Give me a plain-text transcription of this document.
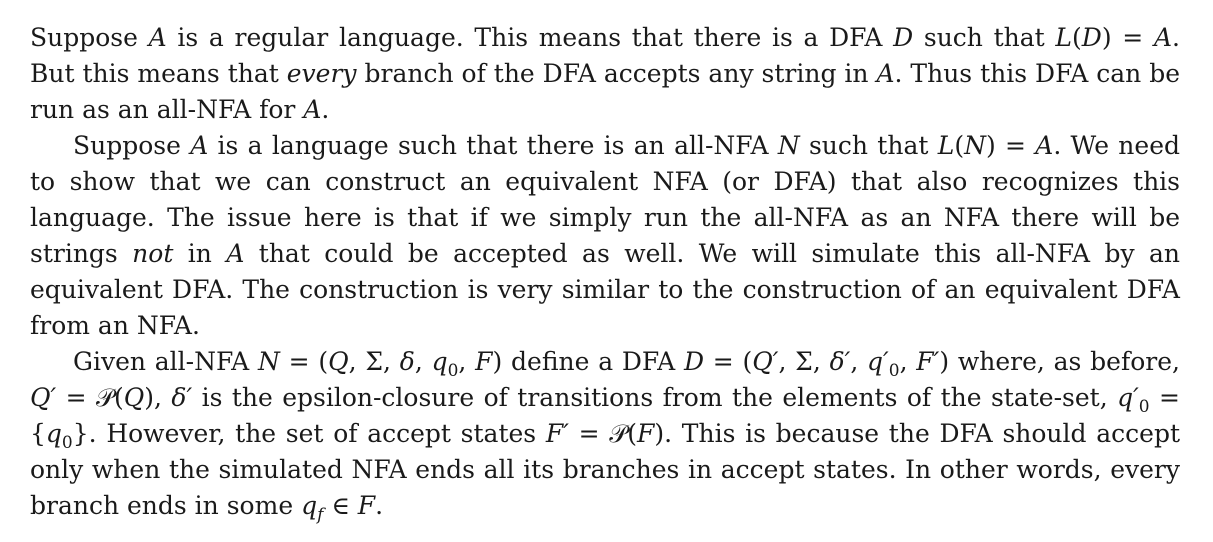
Suppose A is a regular language. This means that there is a DFA D such that L(D) = A. But this means that every branch of the DFA accepts any string in A. Thus this DFA can be run as an all-NFA for A.

Suppose A is a language such that there is an all-NFA N such that L(N) = A. We need to show that we can construct an equivalent NFA (or DFA) that also recognizes this language. The issue here is that if we simply run the all-NFA as an NFA there will be strings not in A that could be accepted as well. We will simulate this all-NFA by an equivalent DFA. The construction is very similar to the construction of an equivalent DFA from an NFA.

Given all-NFA N = (Q, Σ, δ, $q_0$, F) define a DFA D = (Q′, Σ, δ′, $q'_0$, F′) where, as before, Q′ = 𝒫(Q), δ′ is the epsilon-closure of transitions from the elements of the state-set, $q'_0 = \{q_0\}$. However, the set of accept states F′ = 𝒫(F). This is because the DFA should accept only when the simulated NFA ends all its branches in accept states. In other words, every branch ends in some $q_f$ ∈ F.
